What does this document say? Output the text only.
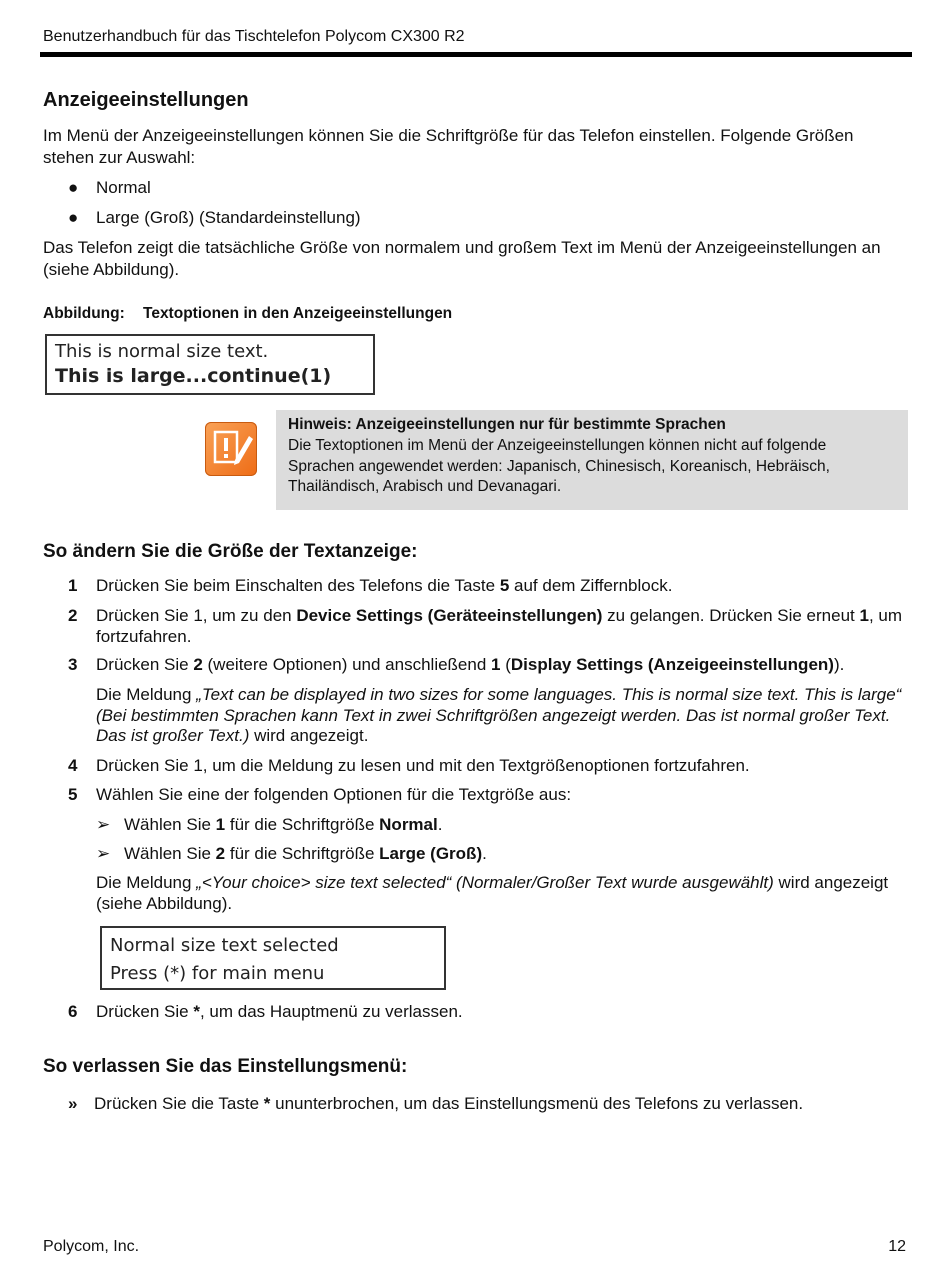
Benutzerhandbuch für das Tischtelefon Polycom CX300 R2
Anzeigeeinstellungen
Im Menü der Anzeigeeinstellungen können Sie die Schriftgröße für das Telefon einstellen. Folgende Größen stehen zur Auswahl:
● Normal
● Large (Groß) (Standardeinstellung)
Das Telefon zeigt die tatsächliche Größe von normalem und großem Text im Menü der Anzeigeeinstellungen an (siehe Abbildung).
Abbildung: Textoptionen in den Anzeigeeinstellungen
This is normal size text.
This is large...continue(1)
Hinweis: Anzeigeeinstellungen nur für bestimmte Sprachen
Die Textoptionen im Menü der Anzeigeeinstellungen können nicht auf folgende Sprachen angewendet werden: Japanisch, Chinesisch, Koreanisch, Hebräisch, Thailändisch, Arabisch und Devanagari.
So ändern Sie die Größe der Textanzeige:
1 Drücken Sie beim Einschalten des Telefons die Taste 5 auf dem Ziffernblock.
2 Drücken Sie 1, um zu den Device Settings (Geräteeinstellungen) zu gelangen. Drücken Sie erneut 1, um fortzufahren.
3 Drücken Sie 2 (weitere Optionen) und anschließend 1 (Display Settings (Anzeigeeinstellungen)).
Die Meldung „Text can be displayed in two sizes for some languages. This is normal size text. This is large“ (Bei bestimmten Sprachen kann Text in zwei Schriftgrößen angezeigt werden. Das ist normal großer Text. Das ist großer Text.) wird angezeigt.
4 Drücken Sie 1, um die Meldung zu lesen und mit den Textgrößenoptionen fortzufahren.
5 Wählen Sie eine der folgenden Optionen für die Textgröße aus:
➢ Wählen Sie 1 für die Schriftgröße Normal.
➢ Wählen Sie 2 für die Schriftgröße Large (Groß).
Die Meldung „<Your choice> size text selected“ (Normaler/Großer Text wurde ausgewählt) wird angezeigt (siehe Abbildung).
Normal size text selected
Press (*) for main menu
6 Drücken Sie *, um das Hauptmenü zu verlassen.
So verlassen Sie das Einstellungsmenü:
» Drücken Sie die Taste * ununterbrochen, um das Einstellungsmenü des Telefons zu verlassen.
Polycom, Inc.	12
